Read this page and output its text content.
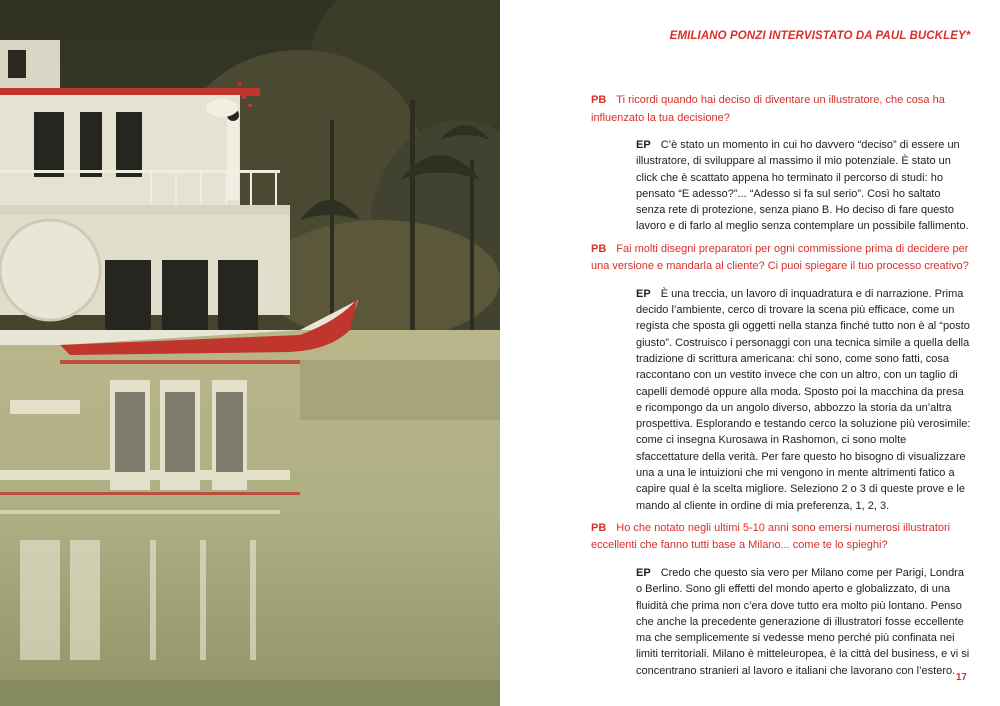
EMILIANO PONZI INTERVISTATO DA PAUL BUCKLEY*

PB Ti ricordi quando hai deciso di diventare un illustratore, che cosa ha influenzato la tua decisione?

EP C’è stato un momento in cui ho davvero “deciso” di essere un illustratore, di sviluppare al massimo il mio potenziale. È stato un click che è scattato appena ho terminato il percorso di studi: ho pensato “E adesso?”... “Adesso si fa sul serio”. Così ho saltato senza rete di protezione, senza piano B. Ho deciso di fare questo lavoro e di farlo al meglio senza contemplare un possibile fallimento.

PB Fai molti disegni preparatori per ogni commissione prima di decidere per una versione e mandarla al cliente? Ci puoi spiegare il tuo processo creativo?

EP È una treccia, un lavoro di inquadratura e di narrazione. Prima decido l’ambiente, cerco di trovare la scena più efficace, come un regista che sposta gli oggetti nella stanza finché tutto non è al “posto giusto”. Costruisco i personaggi con una tecnica simile a quella della tradizione di scrittura americana: chi sono, come sono fatti, cosa raccontano con un vestito invece che con un altro, con un taglio di capelli demodé oppure alla moda. Sposto poi la macchina da presa e ricompongo da un angolo diverso, abbozzo la storia da un’altra prospettiva. Esplorando e testando cerco la soluzione più verosimile: come ci insegna Kurosawa in Rashomon, ci sono molte sfaccettature della verità. Per fare questo ho bisogno di visualizzare una a una le intuizioni che mi vengono in mente altrimenti fatico a capire qual è la scelta migliore. Seleziono 2 o 3 di queste prove e le mando al cliente in ordine di mia preferenza, 1, 2, 3.

PB Ho che notato negli ultimi 5-10 anni sono emersi numerosi illustratori eccellenti che fanno tutti base a Milano... come te lo spieghi?

EP Credo che questo sia vero per Milano come per Parigi, Londra o Berlino. Sono gli effetti del mondo aperto e globalizzato, di una fluidità che prima non c’era dove tutto era molto più lontano. Penso che anche la precedente generazione di illustratori fosse eccellente ma che semplicemente si vedesse meno perché più confinata nei limiti territoriali. Milano è mitteleuropea, è la città del business, e vi si concentrano stranieri al lavoro e italiani che lavorano con l’estero.

17
